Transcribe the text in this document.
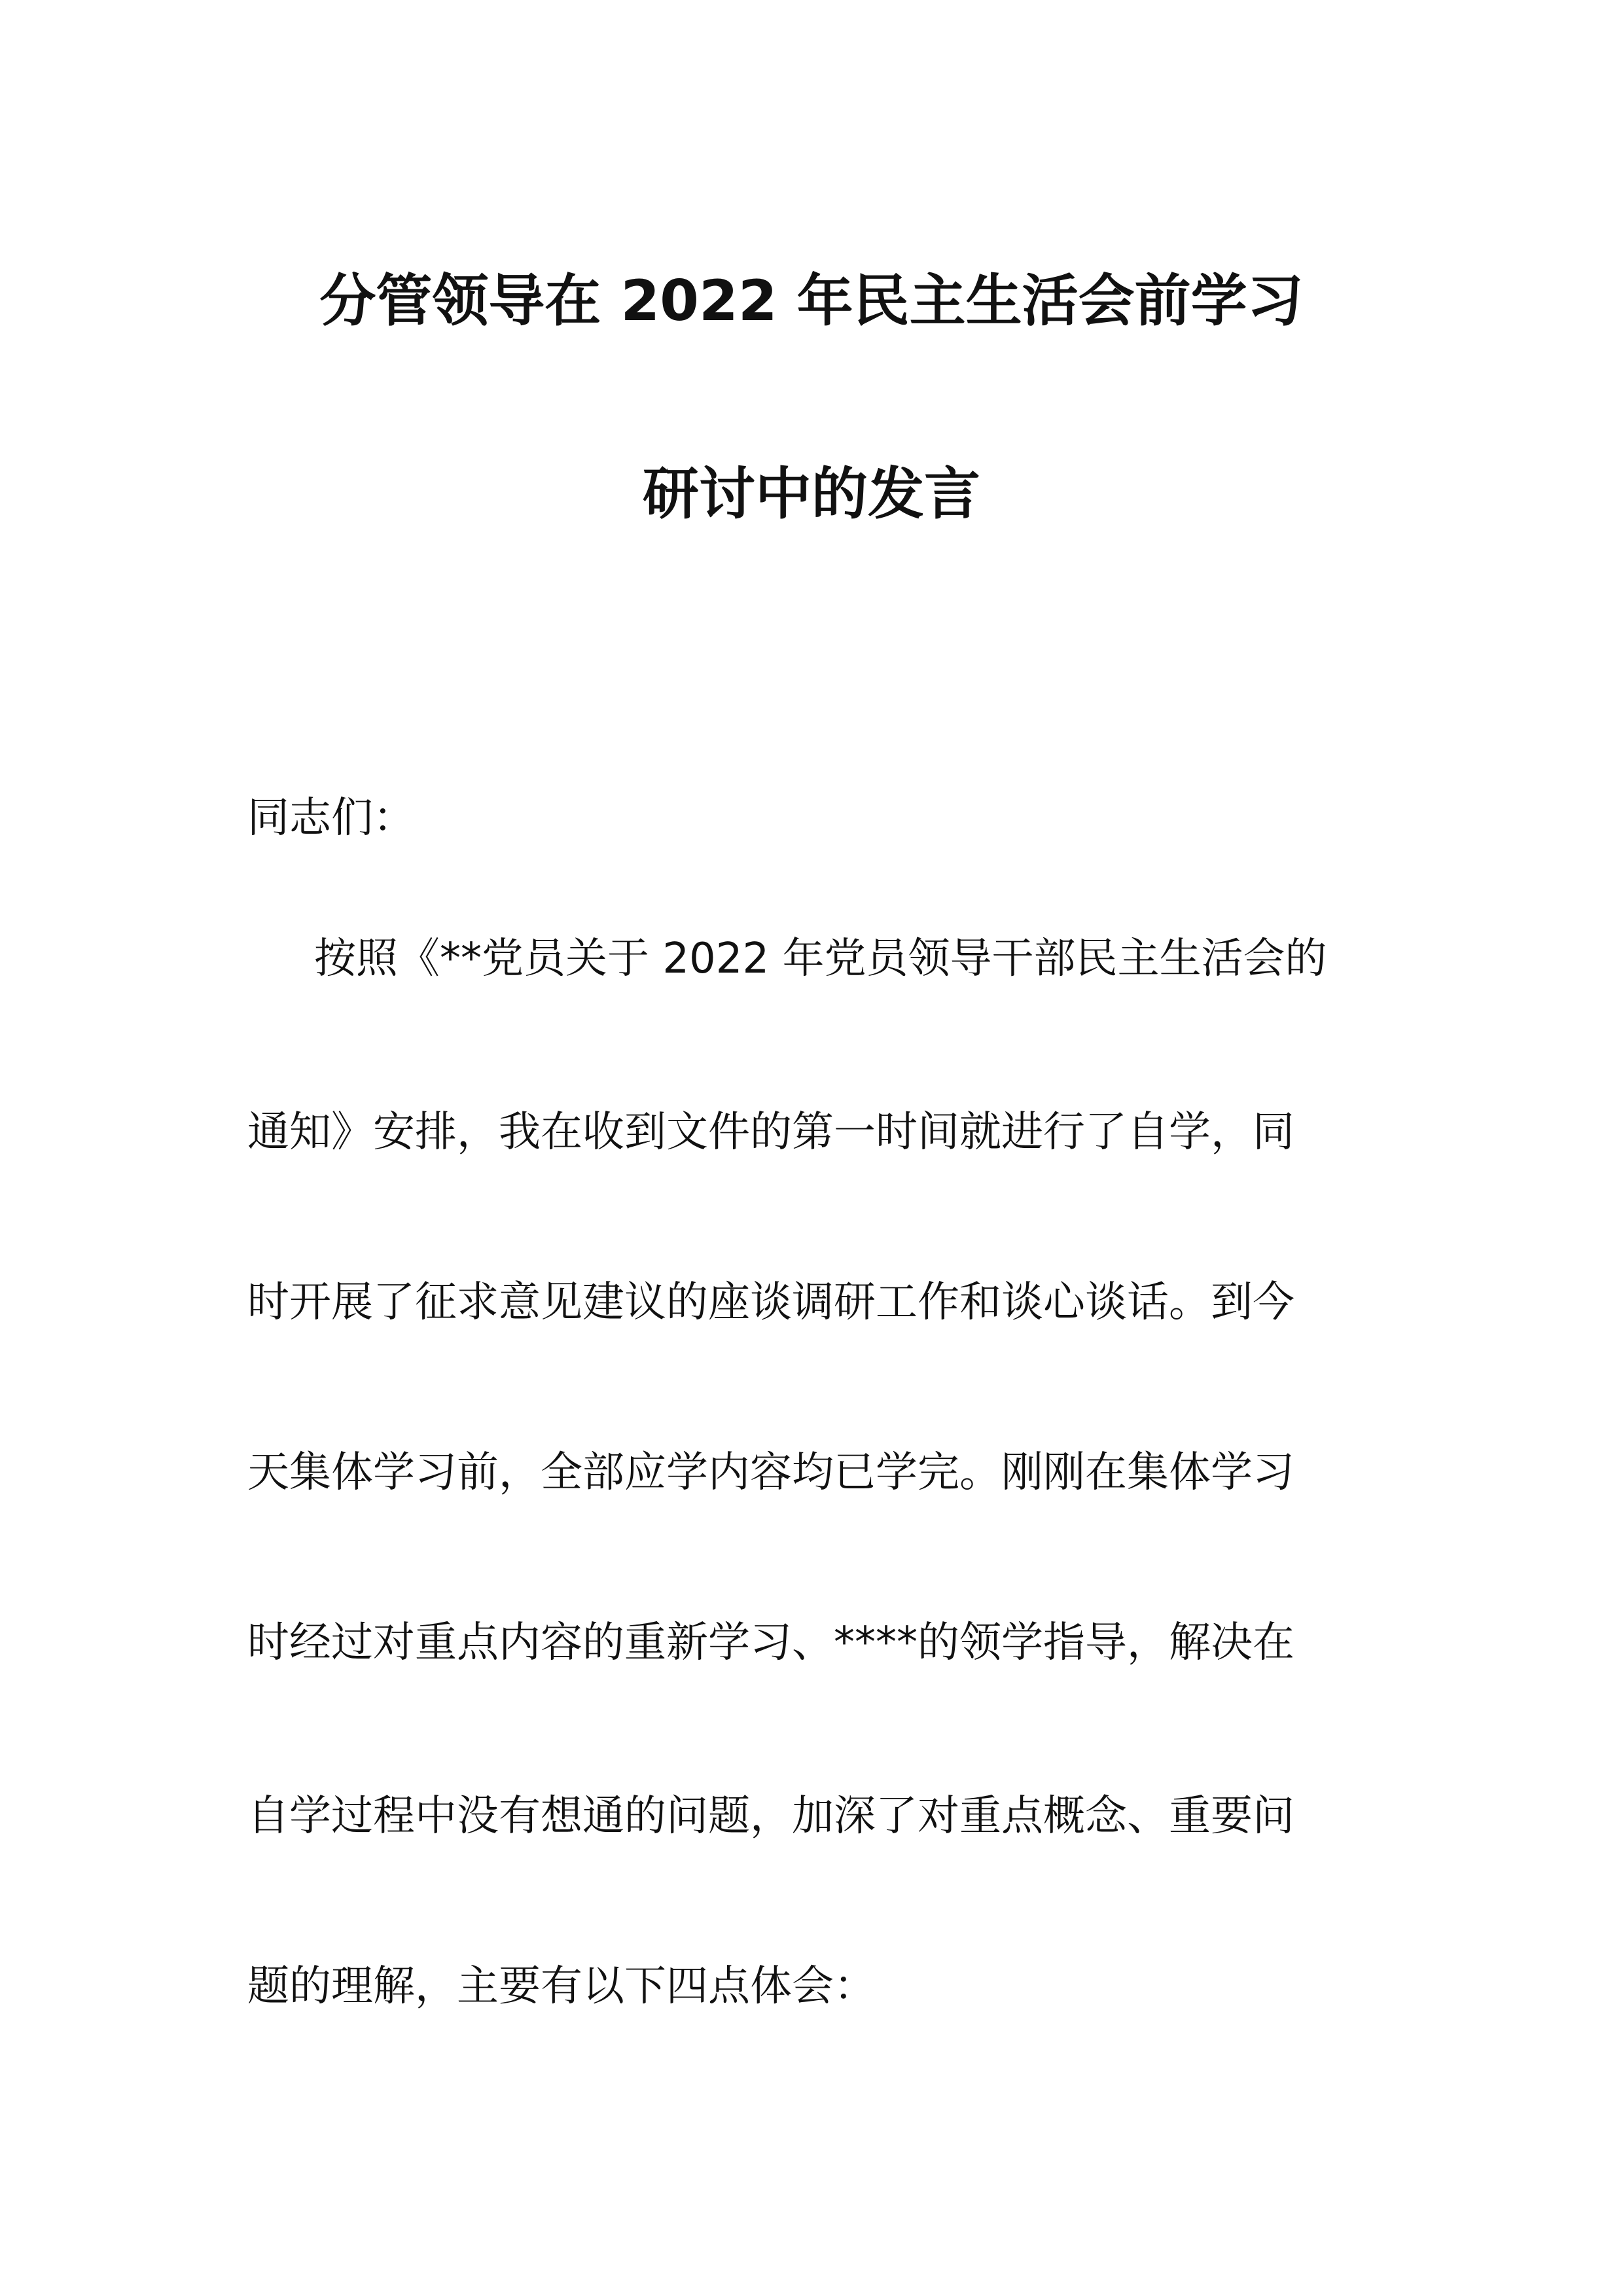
分管领导在 2022 年民主生活会前学习
研讨中的发言
同志们：
按照《**党员关于 2022 年党员领导干部民主生活会的
通知》安排，我在收到文件的第一时间就进行了自学，同
时开展了征求意见建议的座谈调研工作和谈心谈话。到今
天集体学习前，全部应学内容均已学完。刚刚在集体学习
时经过对重点内容的重新学习、****的领学指导，解决在
自学过程中没有想通的问题，加深了对重点概念、重要问
题的理解，主要有以下四点体会：
